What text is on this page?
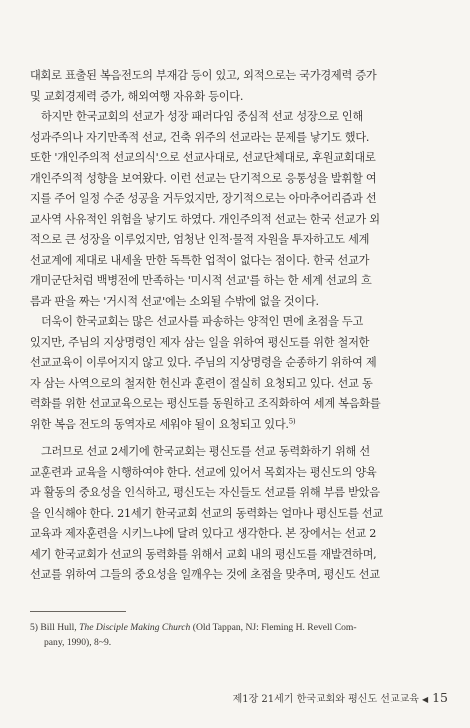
대회로 표출된 복음전도의 부재감 등이 있고, 외적으로는 국가경제력 증가
및 교회경제력 증가, 해외여행 자유화 등이다.

하지만 한국교회의 선교가 성장 패러다임 중심적 선교 성장으로 인해
성과주의나 자기만족적 선교, 건축 위주의 선교라는 문제를 낳기도 했다.
또한 '개인주의적 선교의식'으로 선교사대로, 선교단체대로, 후원교회대로
개인주의적 성향을 보여왔다. 이런 선교는 단기적으로 응통성을 발휘할 여
지를 주어 일정 수준 성공을 거두었지만, 장기적으로는 아마추어리즘과 선
교사역 사유적인 위험을 낳기도 하였다. 개인주의적 선교는 한국 선교가 외
적으로 큰 성장을 이루었지만, 엄청난 인적·물적 자원을 투자하고도 세계
선교계에 제대로 내세울 만한 독특한 업적이 없다는 점이다. 한국 선교가
개미군단처럼 백병전에 만족하는 '미시적 선교'를 하는 한 세계 선교의 흐
름과 판을 짜는 '거시적 선교'에는 소외될 수밖에 없을 것이다.

더욱이 한국교회는 많은 선교사를 파송하는 양적인 면에 초점을 두고
있지만, 주님의 지상명령인 제자 삼는 일을 위하여 평신도를 위한 철저한
선교교육이 이루어지지 않고 있다. 주님의 지상명령을 순종하기 위하여 제
자 삼는 사역으로의 철저한 헌신과 훈련이 절실히 요청되고 있다. 선교 동
력화를 위한 선교교육으로는 평신도를 동원하고 조직화하여 세계 복음화를
위한 복음 전도의 동역자로 세워야 될이 요청되고 있다.$^{5)}$

그러므로 선교 2세기에 한국교회는 평신도를 선교 동력화하기 위해 선
교훈련과 교육을 시행하여야 한다. 선교에 있어서 목회자는 평신도의 양육
과 활동의 중요성을 인식하고, 평신도는 자신들도 선교를 위해 부름 받았음
을 인식해야 한다. 21세기 한국교회 선교의 동력화는 얼마나 평신도를 선교
교육과 제자훈련을 시키느냐에 달려 있다고 생각한다. 본 장에서는 선교 2
세기 한국교회가 선교의 동력화를 위해서 교회 내의 평신도를 재발견하며,
선교를 위하여 그들의 중요성을 일깨우는 것에 초점을 맞추며, 평신도 선교

5) Bill Hull, The Disciple Making Church (Old Tappan, NJ: Fleming H. Revell Com-
pany, 1990), 8~9.
제1장 21세기 한국교회와 평신도 선교교육 ◀ 15
